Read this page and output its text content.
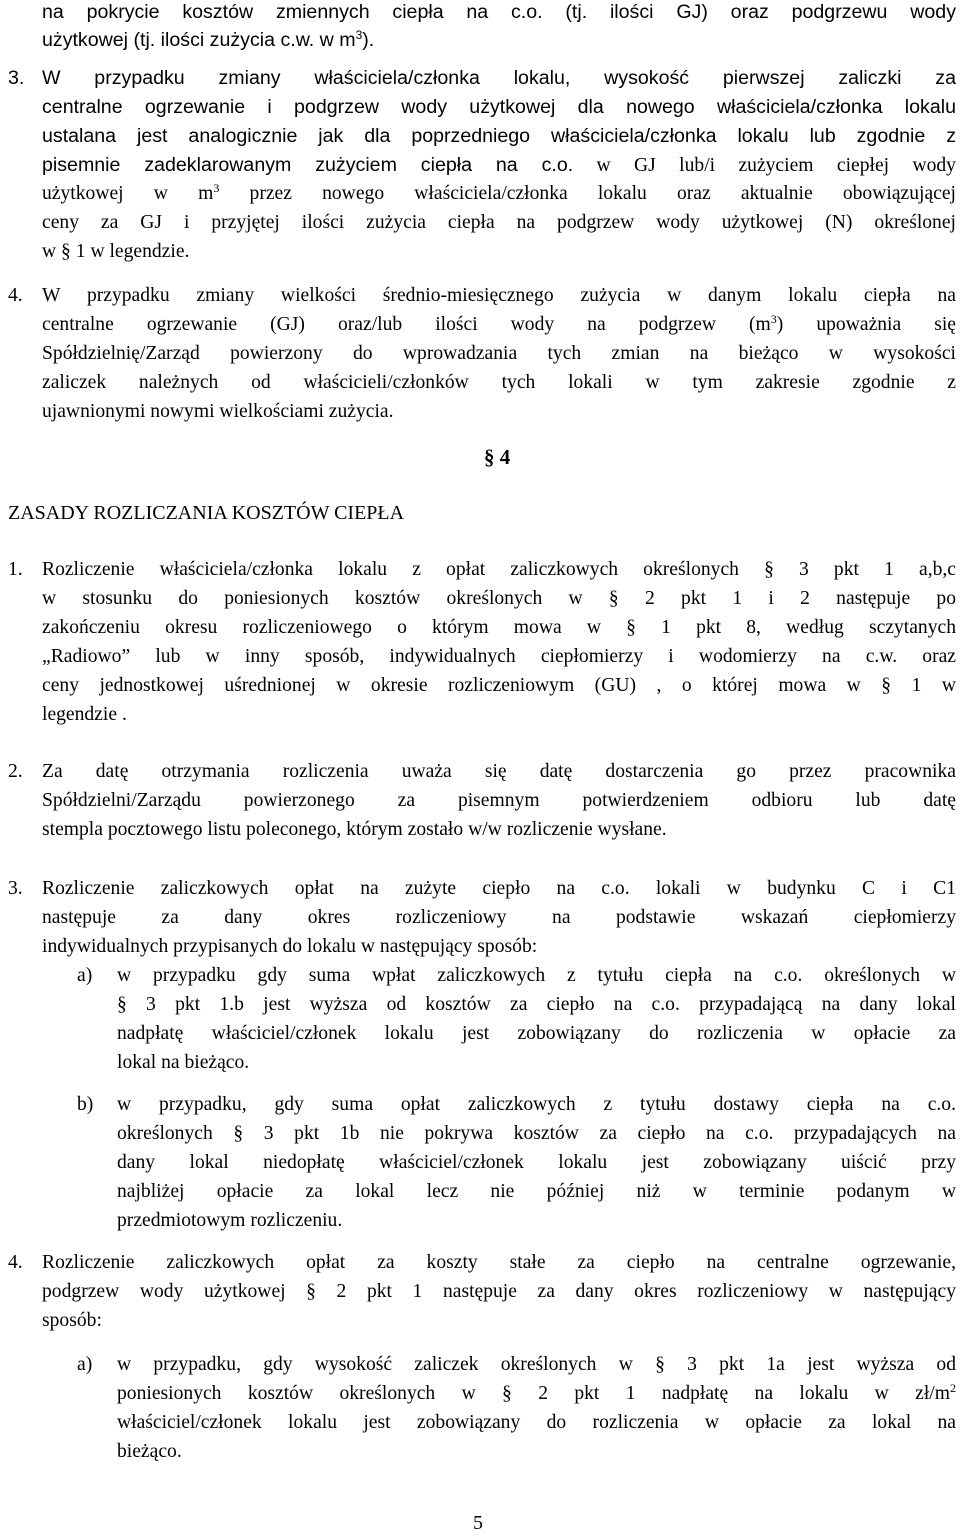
na pokrycie kosztów zmiennych ciepła na c.o. (tj. ilości GJ) oraz podgrzewu wody
użytkowej (tj. ilości zużycia c.w. w $m^3$).
3. W przypadku zmiany właściciela/członka lokalu, wysokość pierwszej zaliczki za
centralne ogrzewanie i podgrzew wody użytkowej dla nowego właściciela/członka lokalu
ustalana jest analogicznie jak dla poprzedniego właściciela/członka lokalu lub zgodnie z
pisemnie zadeklarowanym zużyciem ciepła na c.o. w GJ lub/i zużyciem ciepłej wody
użytkowej w $m^3$ przez nowego właściciela/członka lokalu oraz aktualnie obowiązującej
ceny za GJ i przyjętej ilości zużycia ciepła na podgrzew wody użytkowej (N) określonej
w § 1 w legendzie.
4. W przypadku zmiany wielkości średnio-miesięcznego zużycia w danym lokalu ciepła na
centralne ogrzewanie (GJ) oraz/lub ilości wody na podgrzew $(m^3)$ upoważnia się
Spółdzielnię/Zarząd powierzony do wprowadzania tych zmian na bieżąco w wysokości
zaliczek należnych od właścicieli/członków tych lokali w tym zakresie zgodnie z
ujawnionymi nowymi wielkościami zużycia.
§ 4
ZASADY ROZLICZANIA KOSZTÓW CIEPŁA
1. Rozliczenie właściciela/członka lokalu z opłat zaliczkowych określonych § 3 pkt 1 a,b,c
w stosunku do poniesionych kosztów określonych w § 2 pkt 1 i 2 następuje po
zakończeniu okresu rozliczeniowego o którym mowa w § 1 pkt 8, według sczytanych
„Radiowo” lub w inny sposób, indywidualnych ciepłomierzy i wodomierzy na c.w. oraz
ceny jednostkowej uśrednionej w okresie rozliczeniowym (GU) , o której mowa w § 1 w
legendzie .
2. Za datę otrzymania rozliczenia uważa się datę dostarczenia go przez pracownika
Spółdzielni/Zarządu powierzonego za pisemnym potwierdzeniem odbioru lub datę
stempla pocztowego listu poleconego, którym zostało w/w rozliczenie wysłane.
3. Rozliczenie zaliczkowych opłat na zużyte ciepło na c.o. lokali w budynku C i C1
następuje za dany okres rozliczeniowy na podstawie wskazań ciepłomierzy
indywidualnych przypisanych do lokalu w następujący sposób:
a) w przypadku gdy suma wpłat zaliczkowych z tytułu ciepła na c.o. określonych w
§ 3 pkt 1.b jest wyższa od kosztów za ciepło na c.o. przypadającą na dany lokal
nadpłatę właściciel/członek lokalu jest zobowiązany do rozliczenia w opłacie za
lokal na bieżąco.
b) w przypadku, gdy suma opłat zaliczkowych z tytułu dostawy ciepła na c.o.
określonych § 3 pkt 1b nie pokrywa kosztów za ciepło na c.o. przypadających na
dany lokal niedopłatę właściciel/członek lokalu jest zobowiązany uiścić przy
najbliżej opłacie za lokal lecz nie później niż w terminie podanym w
przedmiotowym rozliczeniu.
4. Rozliczenie zaliczkowych opłat za koszty stałe za ciepło na centralne ogrzewanie,
podgrzew wody użytkowej § 2 pkt 1 następuje za dany okres rozliczeniowy w następujący
sposób:
a) w przypadku, gdy wysokość zaliczek określonych w § 3 pkt 1a jest wyższa od
poniesionych kosztów określonych w § 2 pkt 1 nadpłatę na lokalu w $zł/m^2$
właściciel/członek lokalu jest zobowiązany do rozliczenia w opłacie za lokal na
bieżąco.
5
